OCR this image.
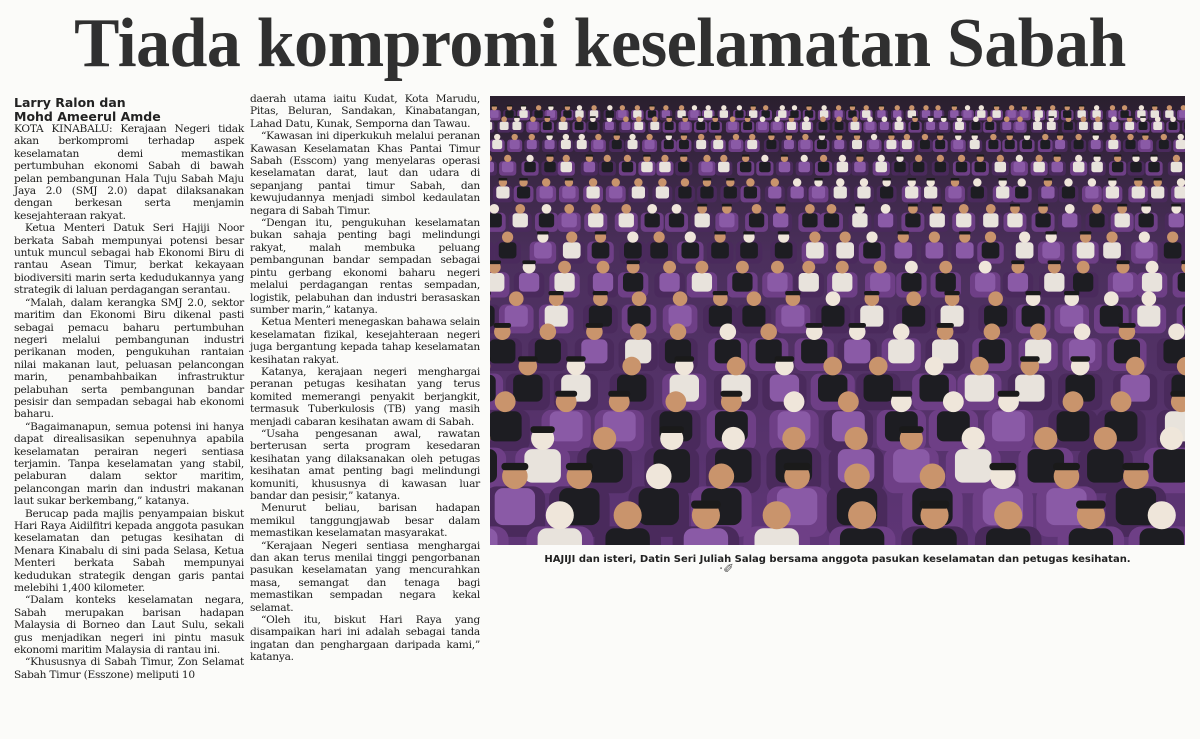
Tiada kompromi keselamatan Sabah
Larry Ralon dan
Mohd Ameerul Amde

KOTA KINABALU: Kerajaan Negeri tidak akan berkompromi terhadap aspek keselamatan demi memastikan pertumbuhan ekonomi Sabah di bawah pelan pembangunan Hala Tuju Sabah Maju Jaya 2.0 (SMJ 2.0) dapat dilaksanakan dengan berkesan serta menjamin kesejahteraan rakyat.

Ketua Menteri Datuk Seri Hajiji Noor berkata Sabah mempunyai potensi besar untuk muncul sebagai hab Ekonomi Biru di rantau Asean Timur, berkat kekayaan biodiversiti marin serta kedudukannya yang strategik di laluan perdagangan serantau.

“Malah, dalam kerangka SMJ 2.0, sektor maritim dan Ekonomi Biru dikenal pasti sebagai pemacu baharu pertumbuhan negeri melalui pembangunan industri perikanan moden, pengukuhan rantaian nilai makanan laut, peluasan pelancongan marin, penambahbaikan infrastruktur pelabuhan serta pembangunan bandar pesisir dan sempadan sebagai hab ekonomi baharu.

“Bagaimanapun, semua potensi ini hanya dapat direalisasikan sepenuhnya apabila keselamatan perairan negeri sentiasa terjamin. Tanpa keselamatan yang stabil, pelaburan dalam sektor maritim, pelancongan marin dan industri makanan laut sukar berkembang,” katanya.

Berucap pada majlis penyampaian biskut Hari Raya Aidilfitri kepada anggota pasukan keselamatan dan petugas kesihatan di Menara Kinabalu di sini pada Selasa, Ketua Menteri berkata Sabah mempunyai kedudukan strategik dengan garis pantai melebihi 1,400 kilometer.

“Dalam konteks keselamatan negara, Sabah merupakan barisan hadapan Malaysia di Borneo dan Laut Sulu, sekali gus menjadikan negeri ini pintu masuk ekonomi maritim Malaysia di rantau ini.

“Khususnya di Sabah Timur, Zon Selamat Sabah Timur (Esszone) meliputi 10

daerah utama iaitu Kudat, Kota Marudu, Pitas, Beluran, Sandakan, Kinabatangan, Lahad Datu, Kunak, Semporna dan Tawau.

“Kawasan ini diperkukuh melalui peranan Kawasan Keselamatan Khas Pantai Timur Sabah (Esscom) yang menyelaras operasi keselamatan darat, laut dan udara di sepanjang pantai timur Sabah, dan kewujudannya menjadi simbol kedaulatan negara di Sabah Timur.

“Dengan itu, pengukuhan keselamatan bukan sahaja penting bagi melindungi rakyat, malah membuka peluang pembangunan bandar sempadan sebagai pintu gerbang ekonomi baharu negeri melalui perdagangan rentas sempadan, logistik, pelabuhan dan industri berasaskan sumber marin,” katanya.

Ketua Menteri menegaskan bahawa selain keselamatan fizikal, kesejahteraan negeri juga bergantung kepada tahap keselamatan kesihatan rakyat.

Katanya, kerajaan negeri menghargai peranan petugas kesihatan yang terus komited memerangi penyakit berjangkit, termasuk Tuberkulosis (TB) yang masih menjadi cabaran kesihatan awam di Sabah.

“Usaha pengesanan awal, rawatan berterusan serta program kesedaran kesihatan yang dilaksanakan oleh petugas kesihatan amat penting bagi melindungi komuniti, khususnya di kawasan luar bandar dan pesisir,” katanya.

Menurut beliau, barisan hadapan memikul tanggungjawab besar dalam memastikan keselamatan masyarakat.

“Kerajaan Negeri sentiasa menghargai dan akan terus menilai tinggi pengorbanan pasukan keselamatan yang mencurahkan masa, semangat dan tenaga bagi memastikan sempadan negara kekal selamat.

“Oleh itu, biskut Hari Raya yang disampaikan hari ini adalah sebagai tanda ingatan dan penghargaan daripada kami,” katanya.

HAJIJI dan isteri, Datin Seri Juliah Salag bersama anggota pasukan keselamatan dan petugas kesihatan.

·✐
